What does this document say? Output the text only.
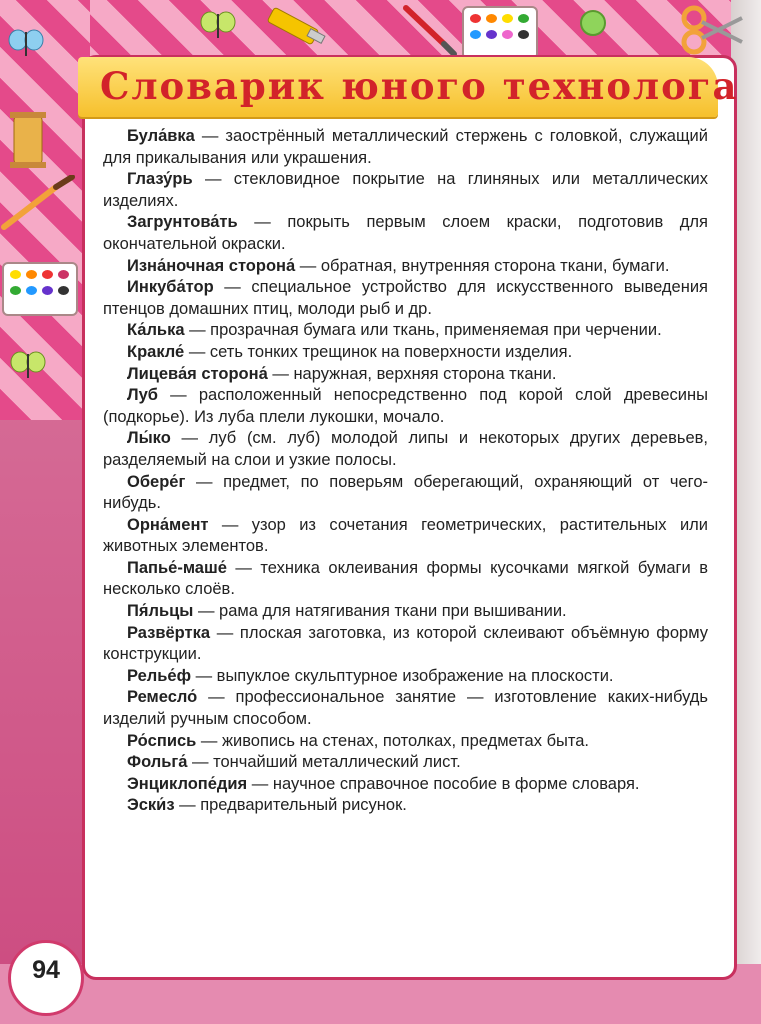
Словарик юного технолога

Була́вка — заострённый металлический стержень с головкой, служащий для прикалывания или украшения.

Глазу́рь — стекловидное покрытие на глиняных или металлических изделиях.

Загрунтова́ть — покрыть первым слоем краски, подготовив для окончательной окраски.

Изна́ночная сторона́ — обратная, внутренняя сторона ткани, бумаги.

Инкуба́тор — специальное устройство для искусственного выведения птенцов домашних птиц, молоди рыб и др.

Ка́лька — прозрачная бумага или ткань, применяемая при черчении.

Кракле́ — сеть тонких трещинок на поверхности изделия.

Лицева́я сторона́ — наружная, верхняя сторона ткани.

Луб — расположенный непосредственно под корой слой древесины (подкорье). Из луба плели лукошки, мочало.

Лы́ко — луб (см. луб) молодой липы и некоторых других деревьев, разделяемый на слои и узкие полосы.

Обере́г — предмет, по поверьям оберегающий, охраняющий от чего-нибудь.

Орна́мент — узор из сочетания геометрических, растительных или животных элементов.

Папье́-маше́ — техника оклеивания формы кусочками мягкой бумаги в несколько слоёв.

Пя́льцы — рама для натягивания ткани при вышивании.

Развёртка — плоская заготовка, из которой склеивают объёмную форму конструкции.

Релье́ф — выпуклое скульптурное изображение на плоскости.

Ремесло́ — профессиональное занятие — изготовление каких-нибудь изделий ручным способом.

Ро́спись — живопись на стенах, потолках, предметах быта.

Фольга́ — тончайший металлический лист.

Энциклопе́дия — научное справочное пособие в форме словаря.

Эски́з — предварительный рисунок.

94
